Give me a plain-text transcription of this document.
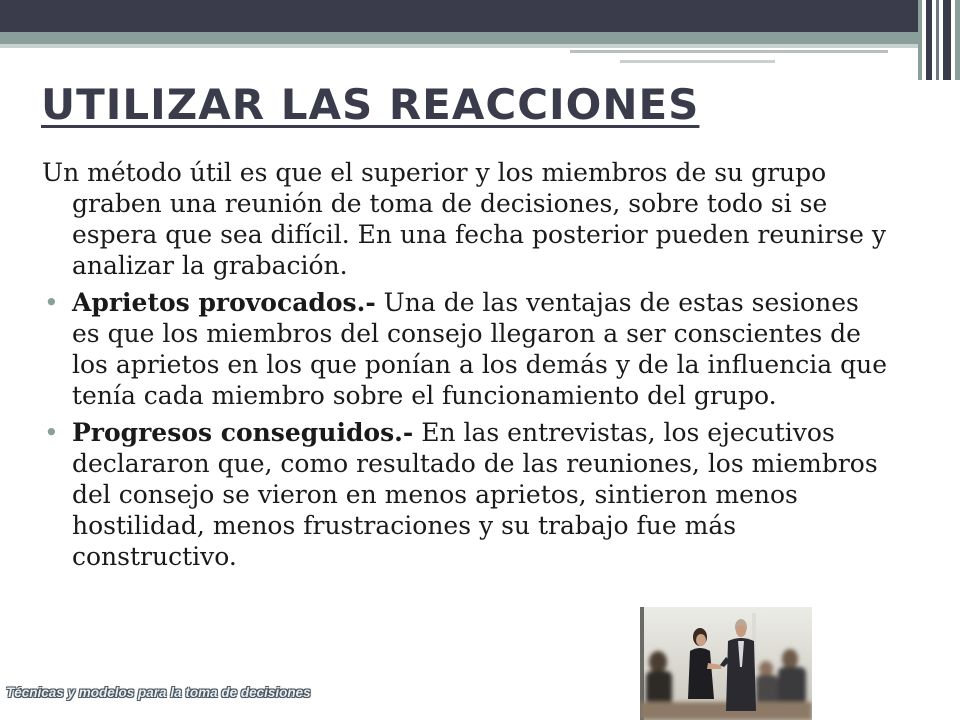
UTILIZAR LAS REACCIONES

Un método útil es que el superior y los miembros de su grupo graben una reunión de toma de decisiones, sobre todo si se espera que sea difícil. En una fecha posterior pueden reunirse y analizar la grabación.

• Aprietos provocados.- Una de las ventajas de estas sesiones es que los miembros del consejo llegaron a ser conscientes de los aprietos en los que ponían a los demás y de la influencia que tenía cada miembro sobre el funcionamiento del grupo.
• Progresos conseguidos.- En las entrevistas, los ejecutivos declararon que, como resultado de las reuniones, los miembros del consejo se vieron en menos aprietos, sintieron menos hostilidad, menos frustraciones y su trabajo fue más constructivo.
Técnicas y modelos para la toma de decisiones
